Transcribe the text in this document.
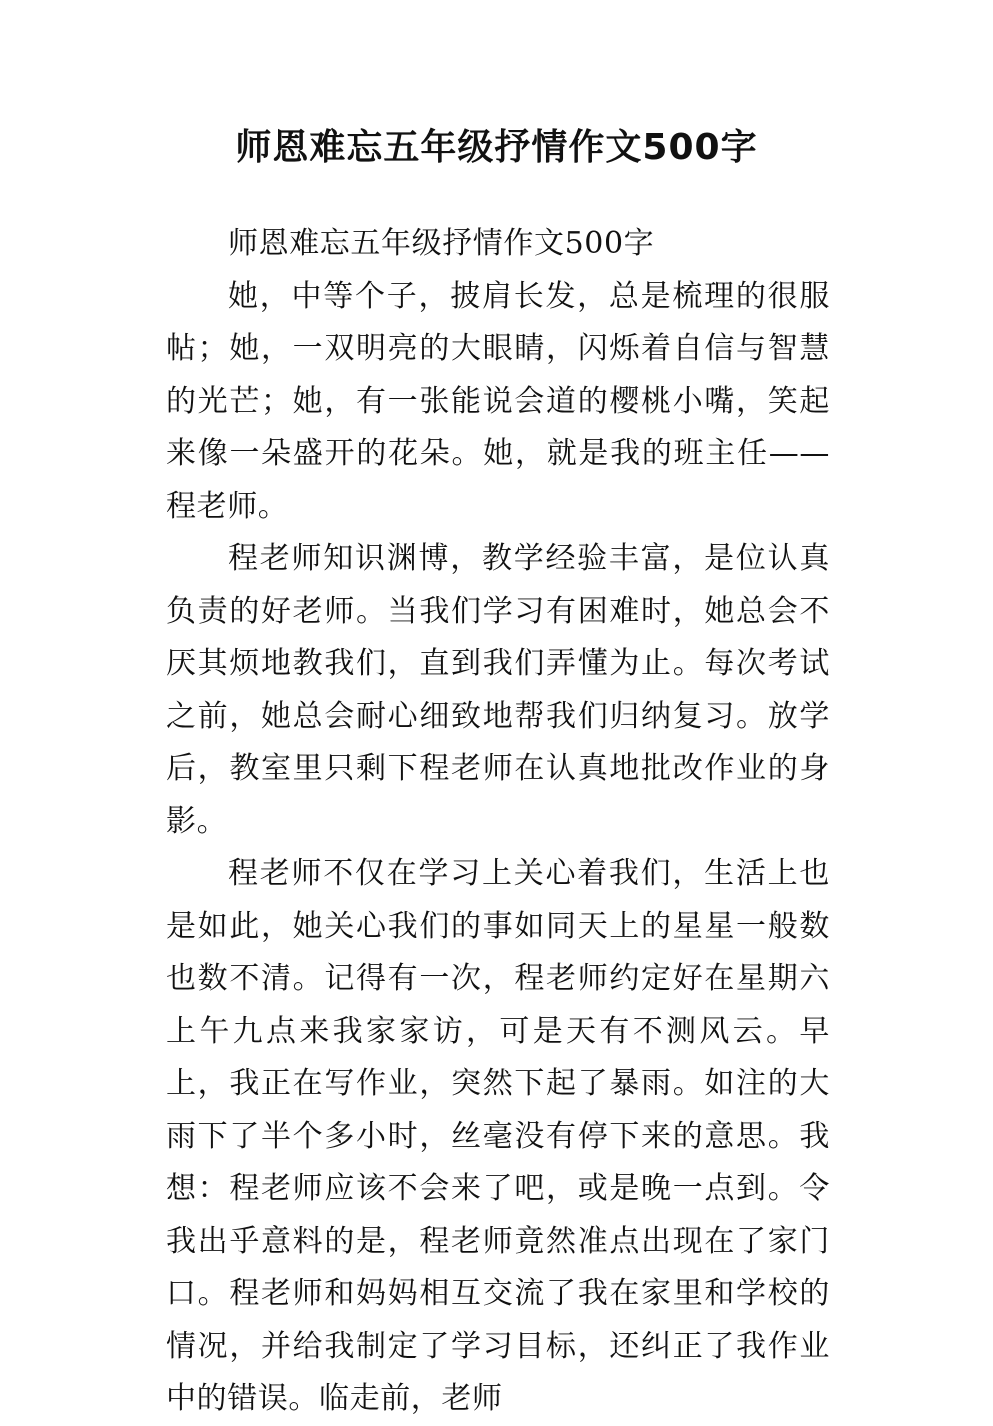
师恩难忘五年级抒情作文500字

师恩难忘五年级抒情作文500字

她，中等个子，披肩长发，总是梳理的很服帖；她，一双明亮的大眼睛，闪烁着自信与智慧的光芒；她，有一张能说会道的樱桃小嘴，笑起来像一朵盛开的花朵。她，就是我的班主任——程老师。

程老师知识渊博，教学经验丰富，是位认真负责的好老师。当我们学习有困难时，她总会不厌其烦地教我们，直到我们弄懂为止。每次考试之前，她总会耐心细致地帮我们归纳复习。放学后，教室里只剩下程老师在认真地批改作业的身影。

程老师不仅在学习上关心着我们，生活上也是如此，她关心我们的事如同天上的星星一般数也数不清。记得有一次，程老师约定好在星期六上午九点来我家家访，可是天有不测风云。早上，我正在写作业，突然下起了暴雨。如注的大雨下了半个多小时，丝毫没有停下来的意思。我想：程老师应该不会来了吧，或是晚一点到。令我出乎意料的是，程老师竟然准点出现在了家门口。程老师和妈妈相互交流了我在家里和学校的情况，并给我制定了学习目标，还纠正了我作业中的错误。临走前，老师
